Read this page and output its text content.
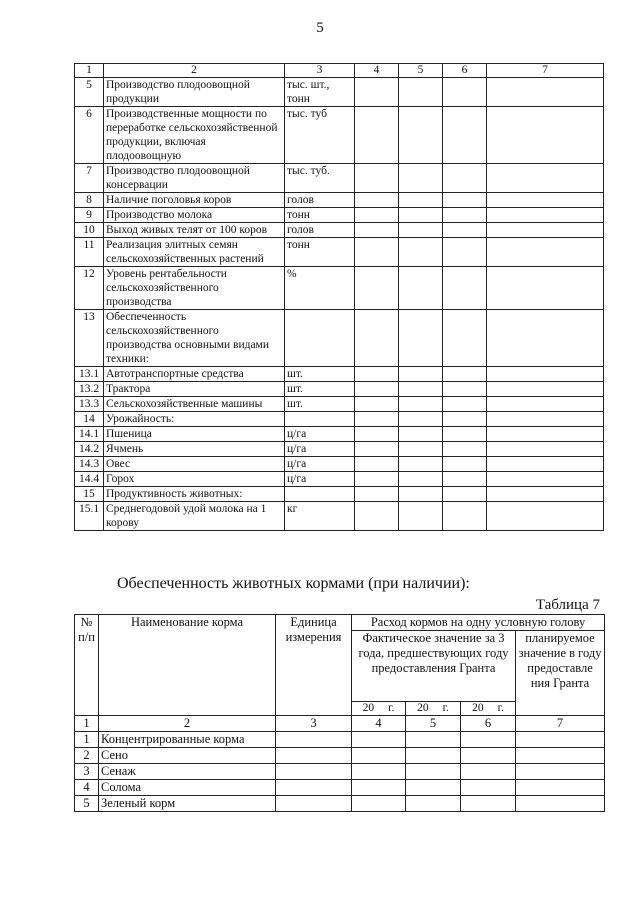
5
1	2	3	4	5	6	7
5	Производство плодоовощной продукции	тыс. шт., тонн				
6	Производственные мощности по переработке сельскохозяйственной продукции, включая плодоовощную	тыс. туб				
7	Производство плодоовощной консервации	тыс. туб.				
8	Наличие поголовья коров	голов				
9	Производство молока	тонн				
10	Выход живых телят от 100 коров	голов				
11	Реализация элитных семян сельскохозяйственных растений	тонн				
12	Уровень рентабельности сельскохозяйственного производства	%				
13	Обеспеченность сельскохозяйственного производства основными видами техники:					
13.1	Автотранспортные средства	шт.				
13.2	Трактора	шт.				
13.3	Сельскохозяйственные машины	шт.				
14	Урожайность:					
14.1	Пшеница	ц/га				
14.2	Ячмень	ц/га				
14.3	Овес	ц/га				
14.4	Горох	ц/га				
15	Продуктивность животных:					
15.1	Среднегодовой удой молока на 1 корову	кг				
Обеспеченность животных кормами (при наличии):
Таблица 7
№ п/п	Наименование корма	Единица измерения	Расход кормов на одну условную голову			
			Фактическое значение за 3 года, предшествующих году предоставления Гранта			планируемое значение в году предоставле ния Гранта
			20 г.	20 г.	20 г.	
1	2	3	4	5	6	7
1	Концентрированные корма					
2	Сено					
3	Сенаж					
4	Солома					
5	Зеленый корм					
